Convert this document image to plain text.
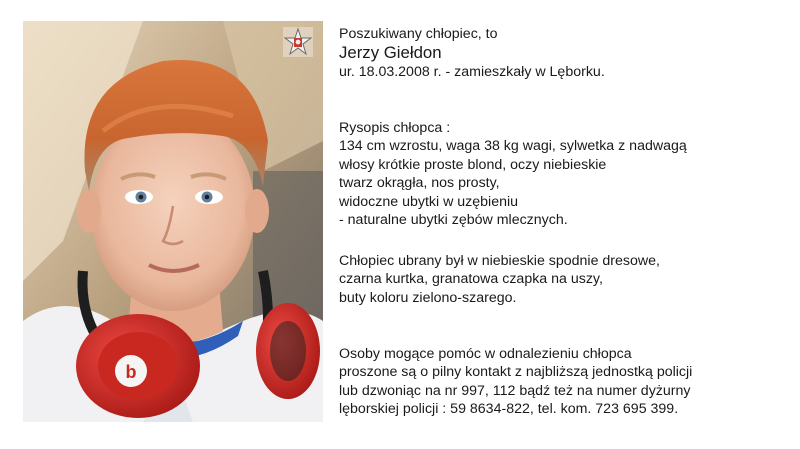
b

Poszukiwany chłopiec, to

Jerzy Giełdon

ur. 18.03.2008 r. - zamieszkały w Lęborku.

Rysopis chłopca :

134 cm wzrostu, waga 38 kg wagi, sylwetka z nadwagą

włosy krótkie proste blond, oczy niebieskie

twarz okrągła, nos prosty,

widoczne ubytki w uzębieniu

- naturalne ubytki zębów mlecznych.

Chłopiec ubrany był w niebieskie spodnie dresowe,

czarna kurtka, granatowa czapka na uszy,

buty koloru zielono-szarego.

Osoby mogące pomóc w odnalezieniu chłopca

proszone są o pilny kontakt z najbliższą jednostką policji

lub dzwoniąc na nr 997, 112 bądź też na numer dyżurny

lęborskiej policji : 59 8634-822, tel. kom. 723 695 399.
